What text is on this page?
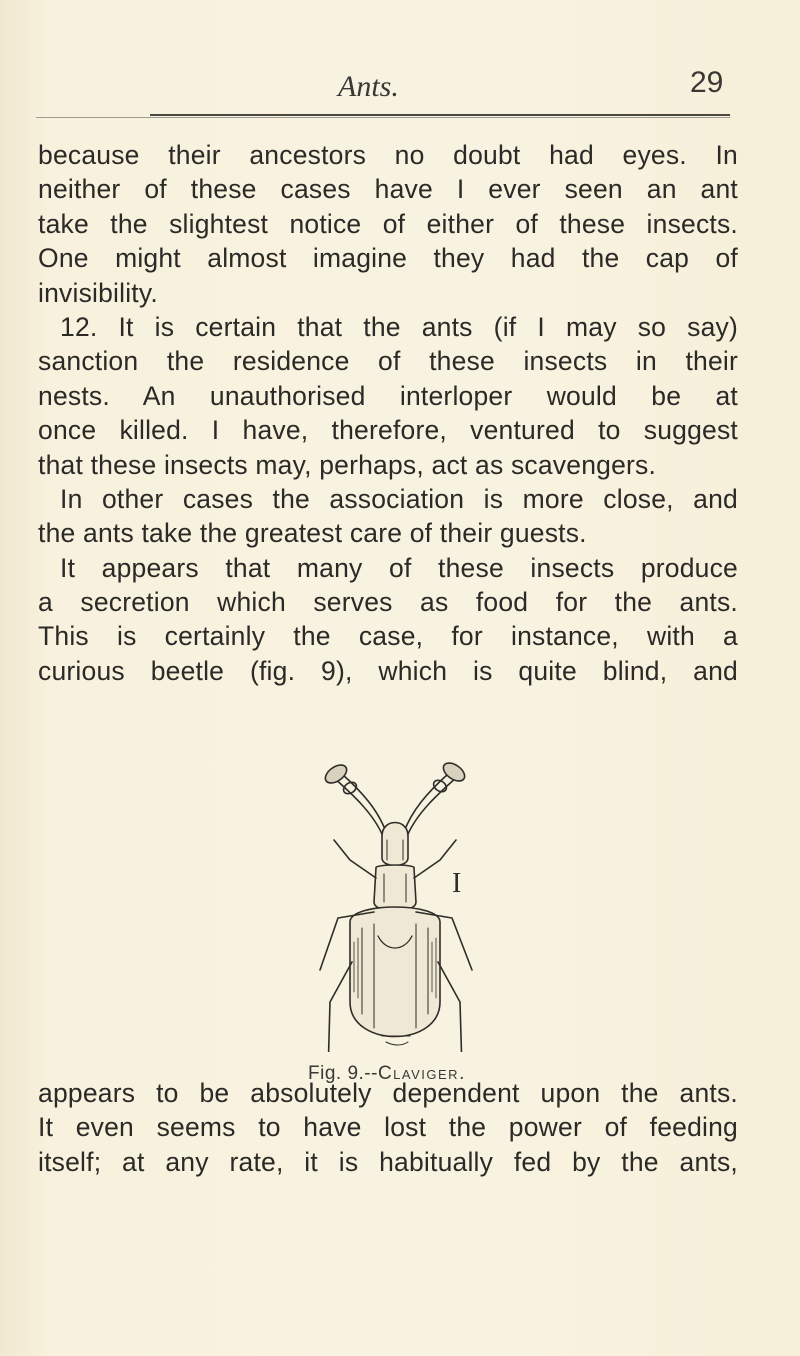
Ants.	29
because their ancestors no doubt had eyes. In
neither of these cases have I ever seen an ant
take the slightest notice of either of these insects.
One might almost imagine they had the cap of
invisibility.
12. It is certain that the ants (if I may so say)
sanction the residence of these insects in their
nests. An unauthorised interloper would be at
once killed. I have, therefore, ventured to suggest
that these insects may, perhaps, act as scavengers.
In other cases the association is more close, and
the ants take the greatest care of their guests.
It appears that many of these insects produce
a secretion which serves as food for the ants.
This is certainly the case, for instance, with a
curious beetle (fig. 9), which is quite blind, and
I
Fig. 9.--Claviger.
appears to be absolutely dependent upon the ants.
It even seems to have lost the power of feeding
itself; at any rate, it is habitually fed by the ants,
